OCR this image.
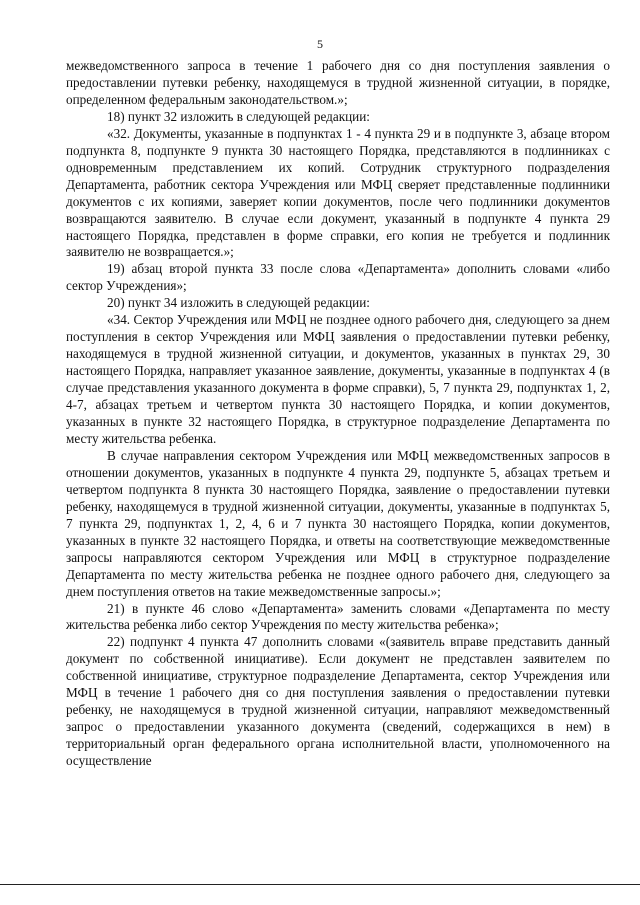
5

межведомственного запроса в течение 1 рабочего дня со дня поступления заявления о предоставлении путевки ребенку, находящемуся в трудной жизненной ситуации, в порядке, определенном федеральным законодательством.»;

18) пункт 32 изложить в следующей редакции:

«32. Документы, указанные в подпунктах 1 - 4 пункта 29 и в подпункте 3, абзаце втором подпункта 8, подпункте 9 пункта 30 настоящего Порядка, представляются в подлинниках с одновременным представлением их копий. Сотрудник структурного подразделения Департамента, работник сектора Учреждения или МФЦ сверяет представленные подлинники документов с их копиями, заверяет копии документов, после чего подлинники документов возвращаются заявителю. В случае если документ, указанный в подпункте 4 пункта 29 настоящего Порядка, представлен в форме справки, его копия не требуется и подлинник заявителю не возвращается.»;

19) абзац второй пункта 33 после слова «Департамента» дополнить словами «либо сектор Учреждения»;

20) пункт 34 изложить в следующей редакции:

«34. Сектор Учреждения или МФЦ не позднее одного рабочего дня, следующего за днем поступления в сектор Учреждения или МФЦ заявления о предоставлении путевки ребенку, находящемуся в трудной жизненной ситуации, и документов, указанных в пунктах 29, 30 настоящего Порядка, направляет указанное заявление, документы, указанные в подпунктах 4 (в случае представления указанного документа в форме справки), 5, 7 пункта 29, подпунктах 1, 2, 4-7, абзацах третьем и четвертом пункта 30 настоящего Порядка, и копии документов, указанных в пункте 32 настоящего Порядка, в структурное подразделение Департамента по месту жительства ребенка.

В случае направления сектором Учреждения или МФЦ межведомственных запросов в отношении документов, указанных в подпункте 4 пункта 29, подпункте 5, абзацах третьем и четвертом подпункта 8 пункта 30 настоящего Порядка, заявление о предоставлении путевки ребенку, находящемуся в трудной жизненной ситуации, документы, указанные в подпунктах 5, 7 пункта 29, подпунктах 1, 2, 4, 6 и 7 пункта 30 настоящего Порядка, копии документов, указанных в пункте 32 настоящего Порядка, и ответы на соответствующие межведомственные запросы направляются сектором Учреждения или МФЦ в структурное подразделение Департамента по месту жительства ребенка не позднее одного рабочего дня, следующего за днем поступления ответов на такие межведомственные запросы.»;

21) в пункте 46 слово «Департамента» заменить словами «Департамента по месту жительства ребенка либо сектор Учреждения по месту жительства ребенка»;

22) подпункт 4 пункта 47 дополнить словами «(заявитель вправе представить данный документ по собственной инициативе). Если документ не представлен заявителем по собственной инициативе, структурное подразделение Департамента, сектор Учреждения или МФЦ в течение 1 рабочего дня со дня поступления заявления о предоставлении путевки ребенку, не находящемуся в трудной жизненной ситуации, направляют межведомственный запрос о предоставлении указанного документа (сведений, содержащихся в нем) в территориальный орган федерального органа исполнительной власти, уполномоченного на осуществление
